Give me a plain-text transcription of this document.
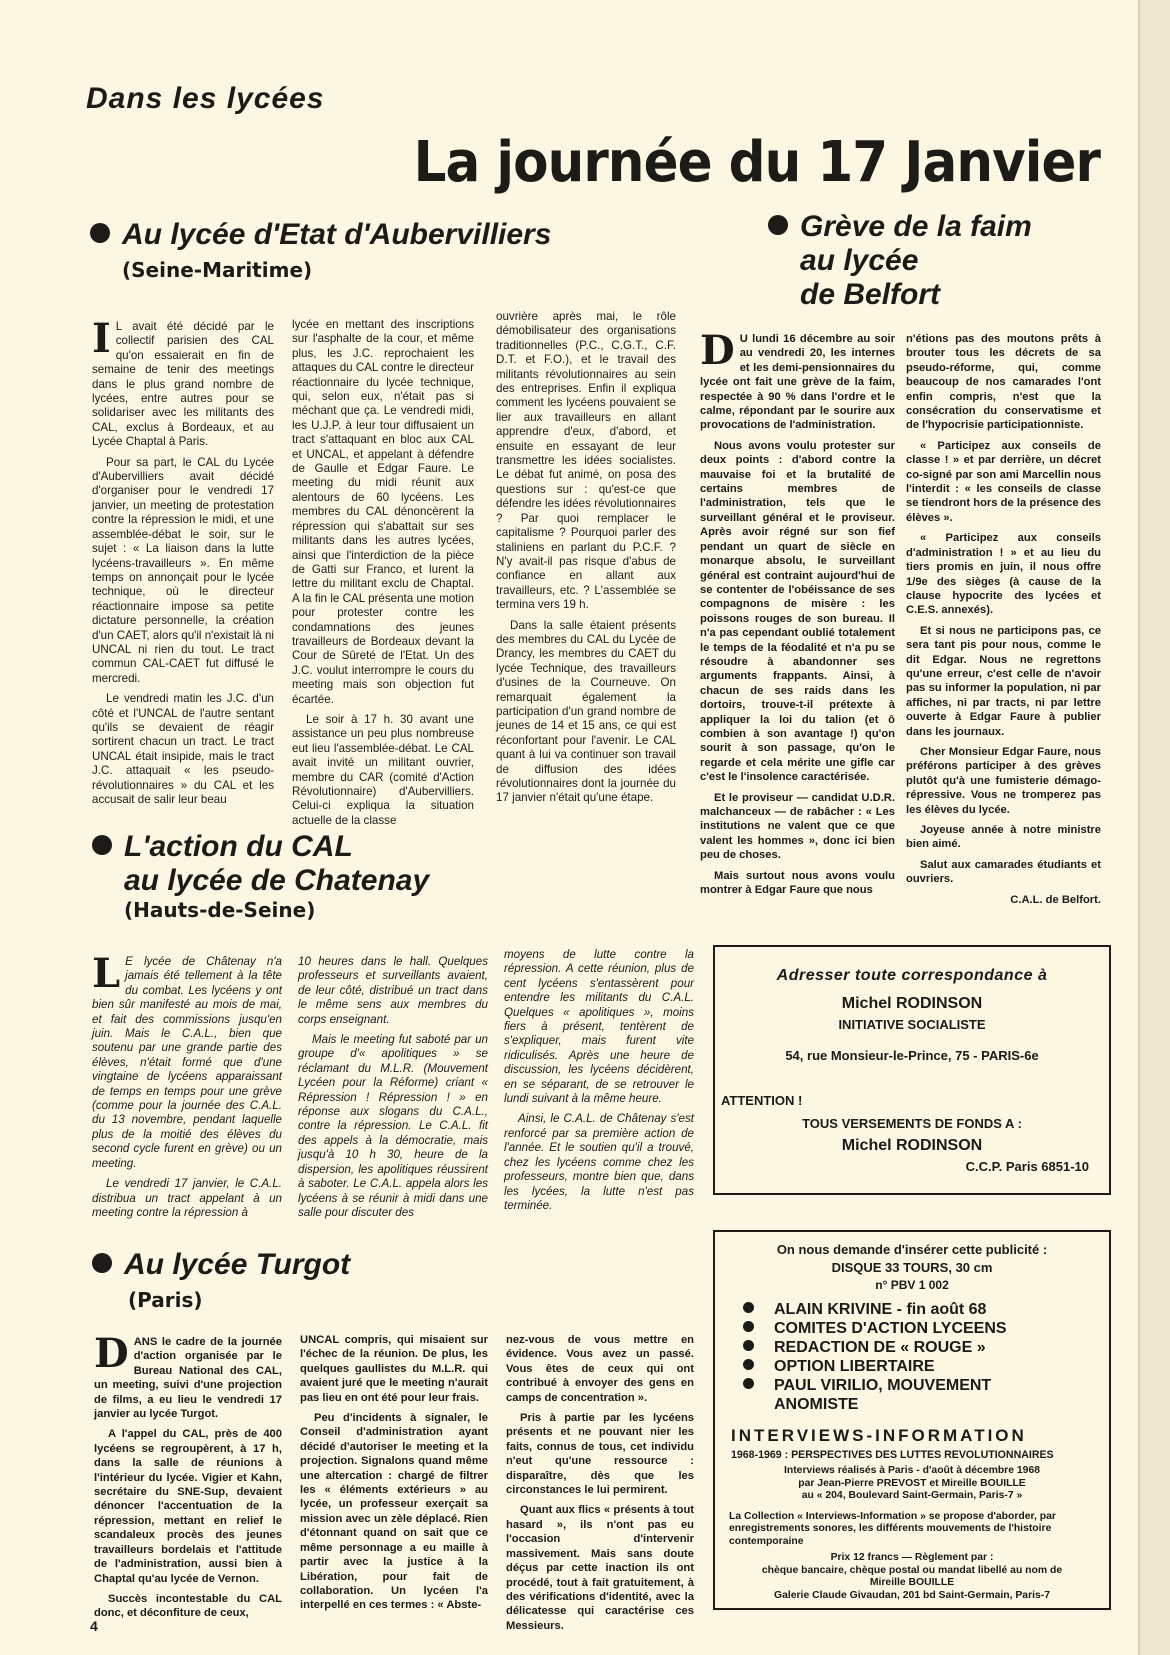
Dans les lycées
La journée du 17 Janvier
Au lycée d'Etat d'Aubervilliers
(Seine-Maritime)

I L avait été décidé par le collectif parisien des CAL qu'on essaierait en fin de semaine de tenir des meetings dans le plus grand nombre de lycées, entre autres pour se solidariser avec les militants des CAL, exclus à Bordeaux, et au Lycée Chaptal à Paris.

Pour sa part, le CAL du Lycée d'Aubervilliers avait décidé d'organiser pour le vendredi 17 janvier, un meeting de protestation contre la répression le midi, et une assemblée-débat le soir, sur le sujet : « La liaison dans la lutte lycéens-travailleurs ». En même temps on annonçait pour le lycée technique, où le directeur réactionnaire impose sa petite dictature personnelle, la création d'un CAET, alors qu'il n'existait là ni UNCAL ni rien du tout. Le tract commun CAL-CAET fut diffusé le mercredi.

Le vendredi matin les J.C. d'un côté et l'UNCAL de l'autre sentant qu'ils se devaient de réagir sortirent chacun un tract. Le tract UNCAL était insipide, mais le tract J.C. attaquait « les pseudo-révolutionnaires » du CAL et les accusait de salir leur beau

lycée en mettant des inscriptions sur l'asphalte de la cour, et même plus, les J.C. reprochaient les attaques du CAL contre le directeur réactionnaire du lycée technique, qui, selon eux, n'était pas si méchant que ça. Le vendredi midi, les U.J.P. à leur tour diffusaient un tract s'attaquant en bloc aux CAL et UNCAL, et appelant à défendre de Gaulle et Edgar Faure. Le meeting du midi réunit aux alentours de 60 lycéens. Les membres du CAL dénoncèrent la répression qui s'abattait sur ses militants dans les autres lycées, ainsi que l'interdiction de la pièce de Gatti sur Franco, et lurent la lettre du militant exclu de Chaptal. A la fin le CAL présenta une motion pour protester contre les condamnations des jeunes travailleurs de Bordeaux devant la Cour de Sûreté de l'Etat. Un des J.C. voulut interrompre le cours du meeting mais son objection fut écartée.

Le soir à 17 h. 30 avant une assistance un peu plus nombreuse eut lieu l'assemblée-débat. Le CAL avait invité un militant ouvrier, membre du CAR (comité d'Action Révolutionnaire) d'Aubervilliers. Celui-ci expliqua la situation actuelle de la classe

ouvrière après mai, le rôle démobilisateur des organisations traditionnelles (P.C., C.G.T., C.F. D.T. et F.O.), et le travail des militants révolutionnaires au sein des entreprises. Enfin il expliqua comment les lycéens pouvaient se lier aux travailleurs en allant apprendre d'eux, d'abord, et ensuite en essayant de leur transmettre les idées socialistes. Le débat fut animé, on posa des questions sur : qu'est-ce que défendre les idées révolutionnaires ? Par quoi remplacer le capitalisme ? Pourquoi parler des staliniens en parlant du P.C.F. ? N'y avait-il pas risque d'abus de confiance en allant aux travailleurs, etc. ? L'assemblée se termina vers 19 h.

Dans la salle étaient présents des membres du CAL du Lycée de Drancy, les membres du CAET du lycée Technique, des travailleurs d'usines de la Courneuve. On remarquait également la participation d'un grand nombre de jeunes de 14 et 15 ans, ce qui est réconfortant pour l'avenir. Le CAL quant à lui va continuer son travail de diffusion des idées révolutionnaires dont la journée du 17 janvier n'était qu'une étape.

Grève de la faim
au lycée
de Belfort

D U lundi 16 décembre au soir au vendredi 20, les internes et les demi-pensionnaires du lycée ont fait une grève de la faim, respectée à 90 % dans l'ordre et le calme, répondant par le sourire aux provocations de l'administration.

Nous avons voulu protester sur deux points : d'abord contre la mauvaise foi et la brutalité de certains membres de l'administration, tels que le surveillant général et le proviseur. Après avoir régné sur son fief pendant un quart de siècle en monarque absolu, le surveillant général est contraint aujourd'hui de se contenter de l'obéissance de ses compagnons de misère : les poissons rouges de son bureau. Il n'a pas cependant oublié totalement le temps de la féodalité et n'a pu se résoudre à abandonner ses arguments frappants. Ainsi, à chacun de ses raids dans les dortoirs, trouve-t-il prétexte à appliquer la loi du talion (et ô combien à son avantage !) qu'on sourit à son passage, qu'on le regarde et cela mérite une gifle car c'est le l'insolence caractérisée.

Et le proviseur — candidat U.D.R. malchanceux — de rabâcher : « Les institutions ne valent que ce que valent les hommes », donc ici bien peu de choses.

Mais surtout nous avons voulu montrer à Edgar Faure que nous

n'étions pas des moutons prêts à brouter tous les décrets de sa pseudo-réforme, qui, comme beaucoup de nos camarades l'ont enfin compris, n'est que la consécration du conservatisme et de l'hypocrisie participationniste.

« Participez aux conseils de classe ! » et par derrière, un décret co-signé par son ami Marcellin nous l'interdit : « les conseils de classe se tiendront hors de la présence des élèves ».

« Participez aux conseils d'administration ! » et au lieu du tiers promis en juin, il nous offre 1/9e des sièges (à cause de la clause hypocrite des lycées et C.E.S. annexés).

Et si nous ne participons pas, ce sera tant pis pour nous, comme le dit Edgar. Nous ne regrettons qu'une erreur, c'est celle de n'avoir pas su informer la population, ni par affiches, ni par tracts, ni par lettre ouverte à Edgar Faure à publier dans les journaux.

Cher Monsieur Edgar Faure, nous préférons participer à des grèves plutôt qu'à une fumisterie démago-répressive. Vous ne tromperez pas les élèves du lycée.

Joyeuse année à notre ministre bien aimé.

Salut aux camarades étudiants et ouvriers.

C.A.L. de Belfort.

L'action du CAL
au lycée de Chatenay
(Hauts-de-Seine)

L E lycée de Châtenay n'a jamais été tellement à la tête du combat. Les lycéens y ont bien sûr manifesté au mois de mai, et fait des commissions jusqu'en juin. Mais le C.A.L., bien que soutenu par une grande partie des élèves, n'était formé que d'une vingtaine de lycéens apparaissant de temps en temps pour une grève (comme pour la journée des C.A.L. du 13 novembre, pendant laquelle plus de la moitié des élèves du second cycle furent en grève) ou un meeting.

Le vendredi 17 janvier, le C.A.L. distribua un tract appelant à un meeting contre la répression à

10 heures dans le hall. Quelques professeurs et surveillants avaient, de leur côté, distribué un tract dans le même sens aux membres du corps enseignant.

Mais le meeting fut saboté par un groupe d'« apolitiques » se réclamant du M.L.R. (Mouvement Lycéen pour la Réforme) criant « Répression ! Répression ! » en réponse aux slogans du C.A.L., contre la répression. Le C.A.L. fit des appels à la démocratie, mais jusqu'à 10 h 30, heure de la dispersion, les apolitiques réussirent à saboter. Le C.A.L. appela alors les lycéens à se réunir à midi dans une salle pour discuter des

moyens de lutte contre la répression. A cette réunion, plus de cent lycéens s'entassèrent pour entendre les militants du C.A.L. Quelques « apolitiques », moins fiers à présent, tentèrent de s'expliquer, mais furent vite ridiculisés. Après une heure de discussion, les lycéens décidèrent, en se séparant, de se retrouver le lundi suivant à la même heure.

Ainsi, le C.A.L. de Châtenay s'est renforcé par sa première action de l'année. Et le soutien qu'il a trouvé, chez les lycéens comme chez les professeurs, montre bien que, dans les lycées, la lutte n'est pas terminée.

Adresser toute correspondance à
Michel RODINSON
INITIATIVE SOCIALISTE
54, rue Monsieur-le-Prince, 75 - PARIS-6e
ATTENTION !
TOUS VERSEMENTS DE FONDS A :
Michel RODINSON
C.C.P. Paris 6851-10
Au lycée Turgot
(Paris)

DANS le cadre de la journée d'action organisée par le Bureau National des CAL, un meeting, suivi d'une projection de films, a eu lieu le vendredi 17 janvier au lycée Turgot.

A l'appel du CAL, près de 400 lycéens se regroupèrent, à 17 h, dans la salle de réunions à l'intérieur du lycée. Vigier et Kahn, secrétaire du SNE-Sup, devaient dénoncer l'accentuation de la répression, mettant en relief le scandaleux procès des jeunes travailleurs bordelais et l'attitude de l'administration, aussi bien à Chaptal qu'au lycée de Vernon.

Succès incontestable du CAL donc, et déconfiture de ceux,

UNCAL compris, qui misaient sur l'échec de la réunion. De plus, les quelques gaullistes du M.L.R. qui avaient juré que le meeting n'aurait pas lieu en ont été pour leur frais.

Peu d'incidents à signaler, le Conseil d'administration ayant décidé d'autoriser le meeting et la projection. Signalons quand même une altercation : chargé de filtrer les « éléments extérieurs » au lycée, un professeur exerçait sa mission avec un zèle déplacé. Rien d'étonnant quand on sait que ce même personnage a eu maille à partir avec la justice à la Libération, pour fait de collaboration. Un lycéen l'a interpellé en ces termes : « Abste-

nez-vous de vous mettre en évidence. Vous avez un passé. Vous êtes de ceux qui ont contribué à envoyer des gens en camps de concentration ».

Pris à partie par les lycéens présents et ne pouvant nier les faits, connus de tous, cet individu n'eut qu'une ressource : disparaître, dès que les circonstances le lui permirent.

Quant aux flics « présents à tout hasard », ils n'ont pas eu l'occasion d'intervenir massivement. Mais sans doute déçus par cette inaction ils ont procédé, tout à fait gratuitement, à des vérifications d'identité, avec la délicatesse qui caractérise ces Messieurs.

On nous demande d'insérer cette publicité :
DISQUE 33 TOURS, 30 cm
n° PBV 1 002
ALAIN KRIVINE - fin août 68
COMITES D'ACTION LYCEENS
REDACTION DE « ROUGE »
OPTION LIBERTAIRE
PAUL VIRILIO, MOUVEMENT
ANOMISTE
INTERVIEWS-INFORMATION
1968-1969 : PERSPECTIVES DES LUTTES REVOLUTIONNAIRES
Interviews réalisés à Paris - d'août à décembre 1968
par Jean-Pierre PREVOST et Mireille BOUILLE
au « 204, Boulevard Saint-Germain, Paris-7 »
La Collection « Interviews-Information » se propose d'aborder, par enregistrements sonores, les différents mouvements de l'histoire contemporaine
Prix 12 francs — Règlement par :
chèque bancaire, chèque postal ou mandat libellé au nom de
Mireille BOUILLE
Galerie Claude Givaudan, 201 bd Saint-Germain, Paris-7
4
